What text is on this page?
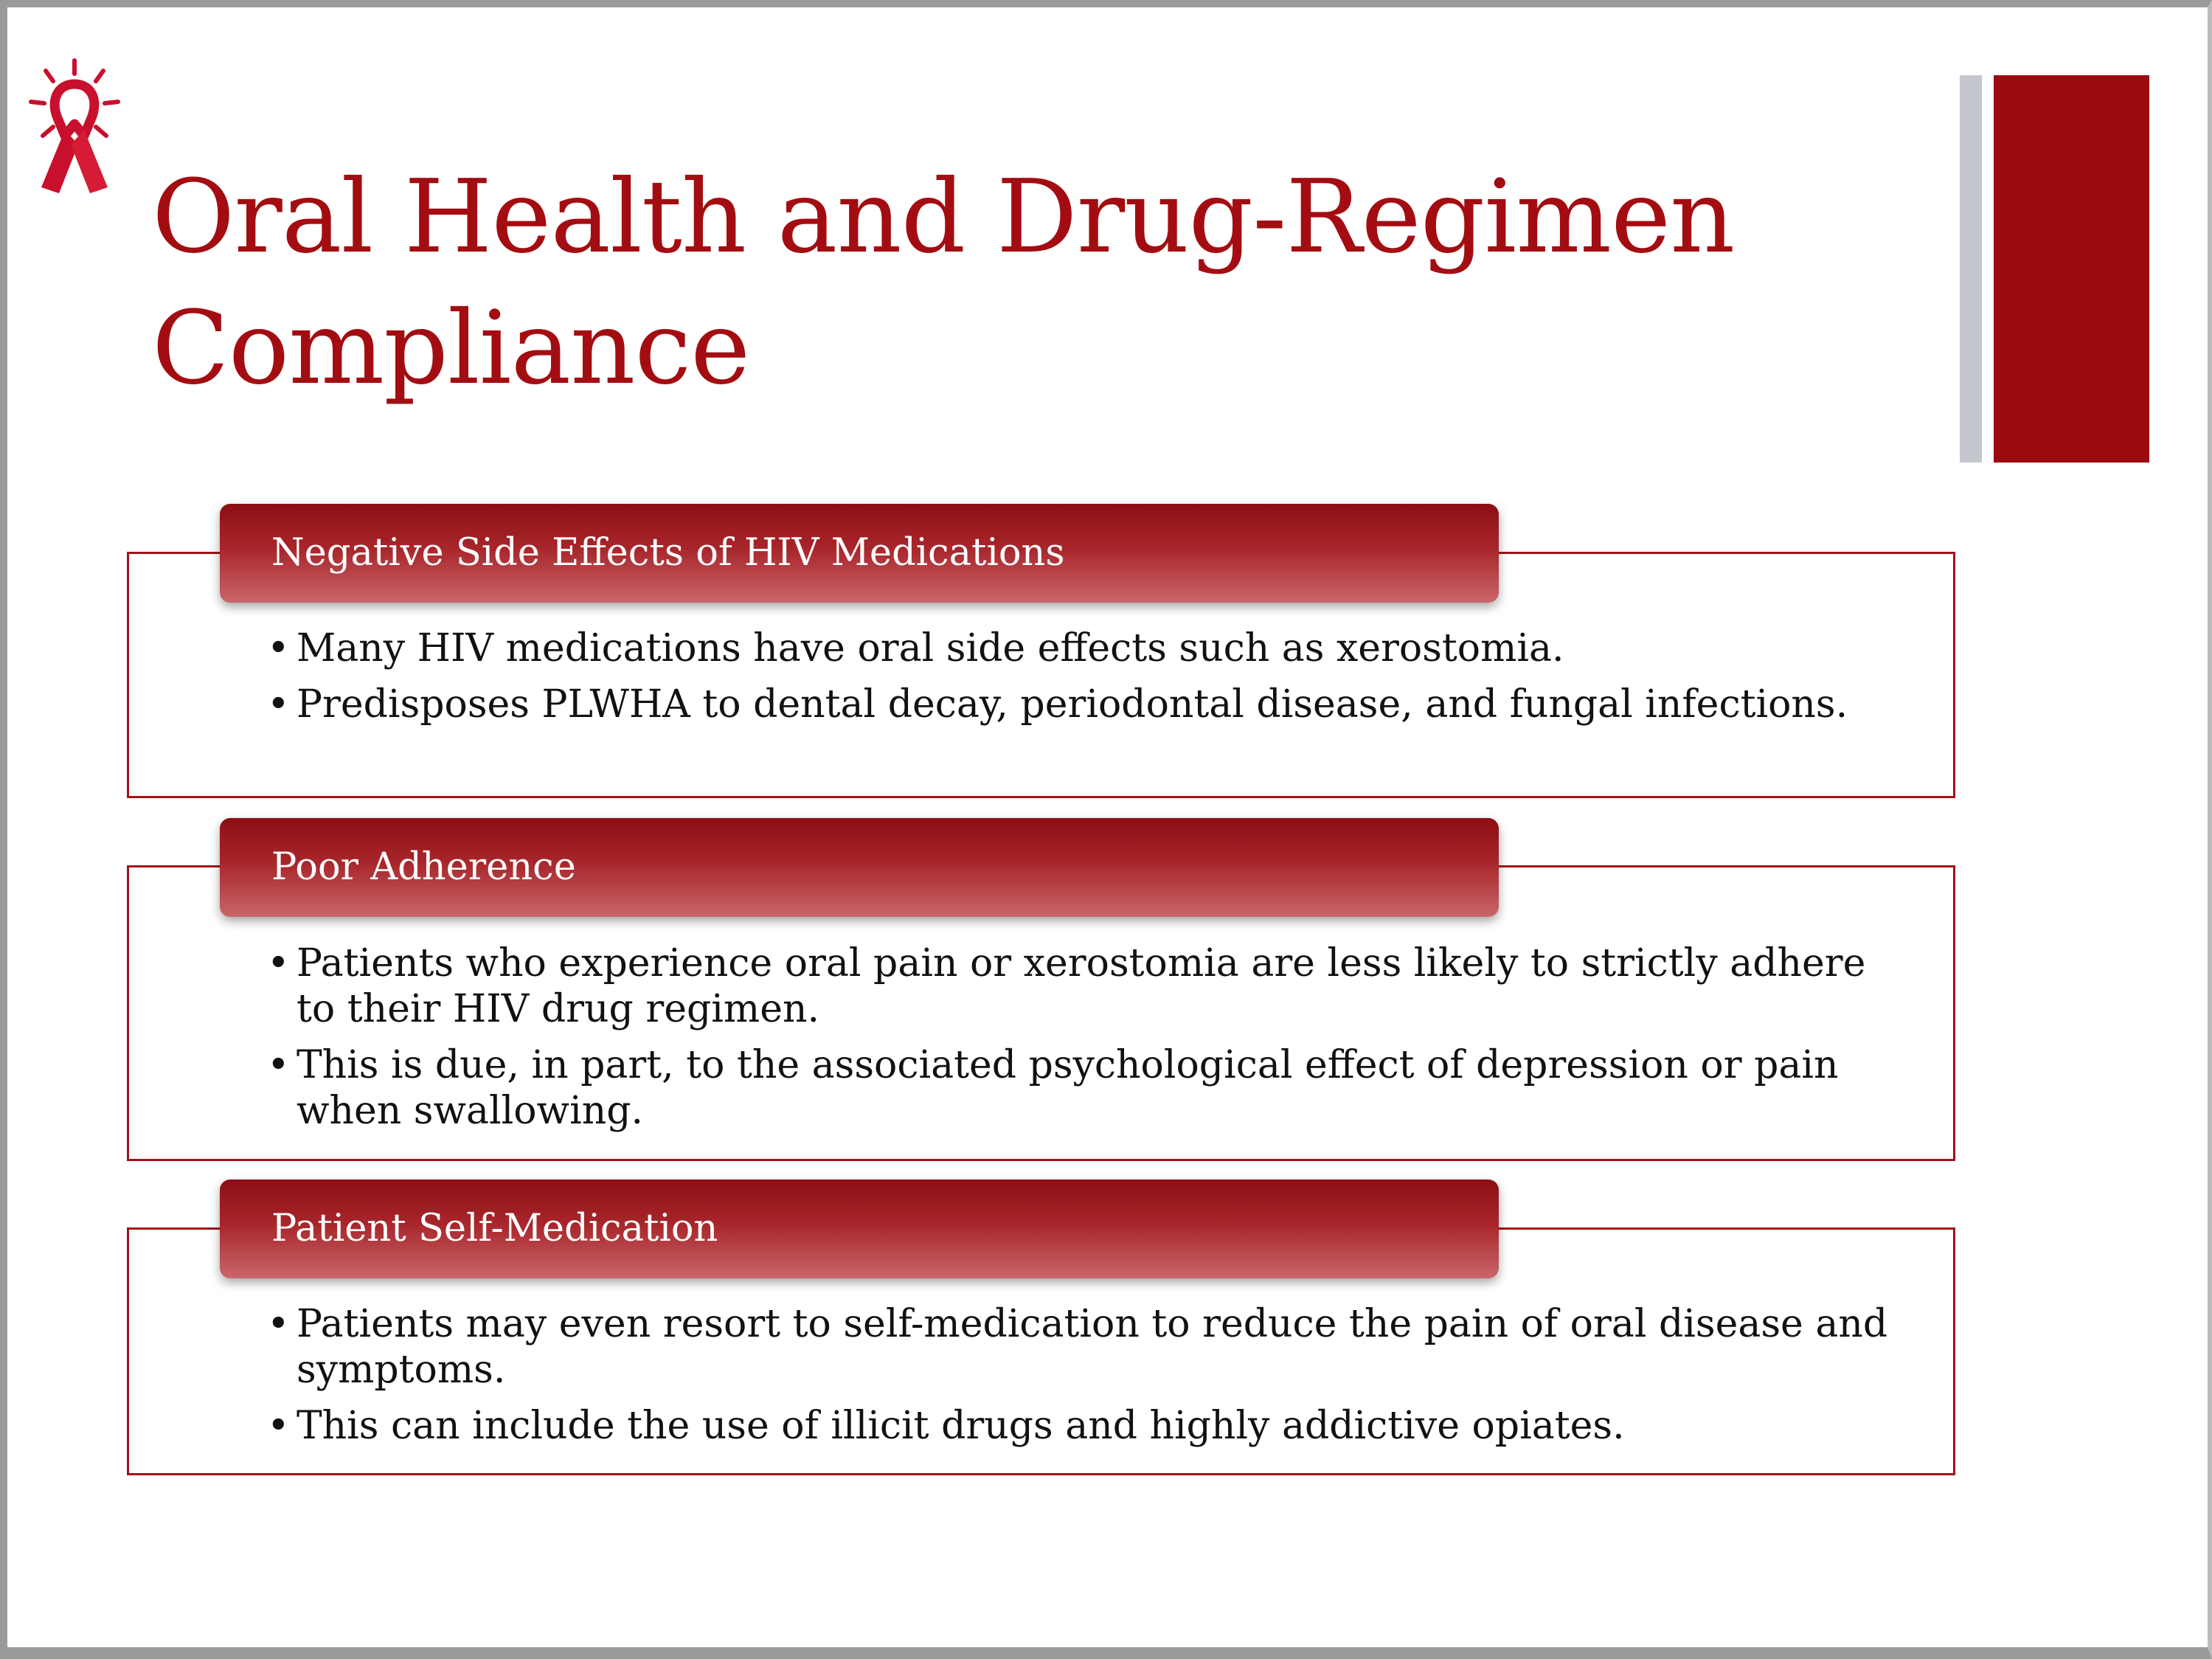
Oral Health and Drug-Regimen Compliance
Negative Side Effects of HIV Medications
• Many HIV medications have oral side effects such as xerostomia.
• Predisposes PLWHA to dental decay, periodontal disease, and fungal infections.
Poor Adherence
• Patients who experience oral pain or xerostomia are less likely to strictly adhere to their HIV drug regimen.
• This is due, in part, to the associated psychological effect of depression or pain when swallowing.
Patient Self-Medication
• Patients may even resort to self-medication to reduce the pain of oral disease and symptoms.
• This can include the use of illicit drugs and highly addictive opiates.
